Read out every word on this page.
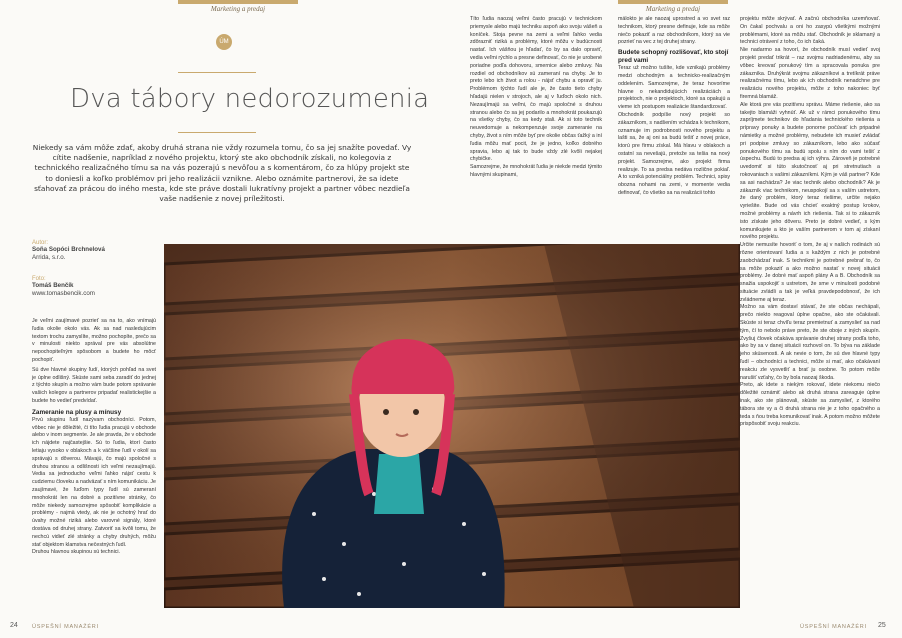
Marketing a predaj	Marketing a predaj
ÚM
Dva tábory nedorozumenia
Niekedy sa vám môže zdať, akoby druhá strana nie vždy rozumela tomu, čo sa jej snažíte povedať. Vy cítite nadšenie, napríklad z nového projektu, ktorý ste ako obchodník získali, no kolegovia z technického realizačného tímu sa na vás pozerajú s nevôľou a s komentárom, čo za hlúpy projekt ste to doniesli a koľko problémov pri jeho realizácii vznikne. Alebo oznámite partnerovi, že sa idete sťahovať za prácou do iného mesta, kde ste práve dostali lukratívny projekt a partner vôbec nezdieľa vaše nadšenie z novej príležitosti.
Autor:
Soňa Sopóci Brchnelová
Arrida, s.r.o.
Foto:
Tomáš Benčík
www.tomasbencik.com
Je veľmi zaujímavé pozrieť sa na to, ako vnímajú ľudia okolie okolo vás. Ak sa nad nasledujúcim textom trochu zamyslíte, možno pochopíte, prečo sa v minulosti niekto správal pre vás absolútne nepochopiteľným spôsobom a budete ho môcť pochopiť.
Sú dve hlavné skupiny ľudí, ktorých pohľad na svet je úplne odlišný. Skúste sami seba zaradiť do jednej z týchto skupín a možno vám bude potom správanie vašich kolegov a partnerov pripadať realistickejšie a budete ho vedieť predvídať.
Zameranie na plusy a mínusy
Prvú skupinu ľudí nazývam obchodníci. Potom, vôbec nie je dôležité, či títo ľudia pracujú v obchode alebo v inom segmente. Je ale pravda, že v obchode ich nájdete najčastejšie. Sú to ľudia, ktorí často letiaju vysoko v oblakoch a k väčšine ľudí v okolí sa správajú s dôverou. Mávajú, čo majú spoločné s druhou stranou a odlišnosti ich veľmi nezaujímajú. Vedia sa jednoducho veľmi ľahko nájsť cestu k cudziemu človeku a nadväzať s ním komunikáciu. Je zaujímavé, že ľuďom typy ľudí sú zameraní mnohokrát len na dobré a pozitívne stránky, čo môže niekedy samozrejme spôsobiť komplikácie a problémy - najmä vtedy, ak nie je ochotný hrať do úvahy možné riziká alebo varovné signály, ktoré dostáva od druhej strany. Zatvoriť sa kvôli tomu, že nechcú vidieť zlé stránky a chyby druhých, môžu stať objektom klamstva nečestných ľudí.
Druhou hlavnou skupinou sú technici.
Títo ľudia naozaj veľmi často pracujú v technickom priemysle alebo majú techniku aspoň ako svoju vášeň a koníček. Stoja pevne na zemi a veľmi ľahko vedia zdôrazniť riziká a problémy, ktoré môžu v budúcnosti nastať. Ich vášňou je hľadať, čo by sa dalo opraviť, vedia veľmi rýchlo a presne definovať, čo nie je urobené poriadne podľa dohovoru, smernice alebo zmluvy. Na rozdiel od obchodníkov sú zameraní na chyby. Je to preto lebo ich život a rolou - nájsť chybu a opraviť ju. Problémom týchto ľudí ale je, že často tieto chyby hľadajú nielen v strojoch, ale aj v ľuďoch okolo nich. Nezaujímajú sa veľmi, čo majú spoločné s druhou stranou alebo čo sa jej podarilo a mnohokrát poukazujú na všetky chyby, čo sa kedy stali. Ak si toto technik neuvedomuje a nekompenzuje svoje zameranie na chyby, život s ním môže byť pre okolie občas ťažký a iní ľudia môžu mať pocit, že je jedno, koľko dobrého spravia, lebo aj tak to bude vždy zlé kvôli nejakej chybičke.
Samozrejme, že mnohokrát ľudia je niekde medzi týmito hlavnými skupinami,
málokto je ale naozaj uprostred a vo svet raz technikom, ktorý presne definuje, kde sa môže niečo pokaziť a raz obchodníkom, ktorý sa vie pozrieť na vec z tej druhej strany.
Budete schopný rozlišovať, kto stojí pred vami
Teraz už možno tušíte, kde vznikajú problémy medzi obchodným a technicko-realizačným oddelením. Samozrejme, že teraz hovoríme hlavne o nekandidujúcich realizáciách a projektoch, nie o projektoch, ktoré sa opakujú a vieme ich postupom realizácie štandardizovať.
Obchodník podpíše nový projekt so zákazníkom, s nadšením vchádza k technikom, oznamuje im podrobnosti nového projektu a lašti sa, že aj oni sa budú tešiť z novej práce, ktorú pre firmu získal. Má hlavu v oblakoch a ostatní sa nevešajú, pretože sa tešia na nový projekt. Samozrejme, ako projekt firma realizuje. To sa predsa nedáva rozlične pokiaľ. A to vzniká potenciálny problém. Technici, spisy obozna nohami na zemi, v momente vedia definovať, čo všetko sa na realizácii tohto
projektu môže skrývať. A začnú obchodníka uzemňovať. On čakal pochvalu a oni ho zasypú všetkými možnými problémami, ktoré sa môžu stať. Obchodník je sklamaný a technici otrávení z toho, čo ich čaká.
Nie nadarmo sa hovorí, že obchodník musí vedieť svoj projekt predať trikrát – raz svojmu nadriadenému, aby sa vôbec kreovať ponukový tím a spracovala ponuka pre zákazníka. Druhýkrát svojmu zákazníkovi a tretíkrát práve realizačnému tímu, lebo ak ich obchodník nenadchne pre realizáciu nového projektu, môže z toho nakoniec byť firemná blamáž.
Ale ktorá pre vás pozitívnu správu. Máme riešenie, ako sa takejto blamáži vyhnúť. Ak už v rámci ponukového tímu zapríjmete technikov do hľadania technického riešenia a prípravy ponuky a budete ponorne počúvať ich pripadné námietky a možné problémy, nebudete ich musieť zvládať pri podpise zmluvy so zákazníkom, lebo ako súčasť ponukového tímu sa budú spolu s ním do vami tešiť z úspechu. Budú to predsa aj ich výhra. Zároveň je potrebné uvedomiť si túto skutočnosť aj pri stretnutiach a rokovaniach s vašimi zákazníkmi. Kým je váš partner? Kde sa asi nachádza? Je viac technik alebo obchodník? Ak je zákazník viac technikom, neuspokojí sa s vaším ustretom, že daný problém, ktorý teraz riešime, určite nejako vyriešite. Bude od vás chcieť exaktný postup krokov, možné problémy a návrh ich riešenia. Tak si to zákazník isto získate jeho dôveru. Preto je dobré vedieť, s kým komunikujete a kto je vaším partnerom v tom aj získaní nového projektu.
Určite nemusíte hovoriť o tom, že aj v našich rodinách sú rôzne orientovaní ľudia a s každým z nich je potrebné zaobchádzať inak. S technikmi je potrebné prebrať to, čo sa môže pokaziť a ako možno nastať v novej situácii problémy. Je dobré mať aspoň plány A a B. Obchodník sa snažia uspokojiť s ustretom, že sme v minulosti podobné situácie zvládli a tak je veľká pravdepodobnosť, že ich zvládneme aj teraz.
Možno sa vám dostaví stávať, že ste občas nechápali, prečo niekto reagoval úplne opačne, ako ste očakávali. Skúste si teraz chvíľu teraz premietnuť a zamyslieť sa nad tým, čí to nebolo práve preto, že ste oboje z iných skupín. Zvyšuj človek očakáva správanie druhej strany podľa toho, ako by sa v danej situácii rozhovol on. To býva na základe jeho skúsenosti. A ak nevie o tom, že sú dve hlavné typy ľudí – obchodníci a technici, môže si mať, ako očakávaní reakciu zle vysvetliť a brať ju osobne. To potom môže narušiť vzťahy, čo by bola naozaj škoda.
Preto, ak idete s niekým rokovať, idete niekomu niečo dôležité oznámiť alebo ak druhá strana zareaguje úplne inak, ako ste plánovali, skúste sa zamyslieť, z ktorého tábora ste vy a či druhá strana nie je z toho opačného a teda s ňou treba komunikovať inak. A potom možno môžete prispôsobiť svoju reakciu.
24	ÚSPEŠNÍ MANAŽÉRI	ÚSPEŠNÍ MANAŽÉRI 25
